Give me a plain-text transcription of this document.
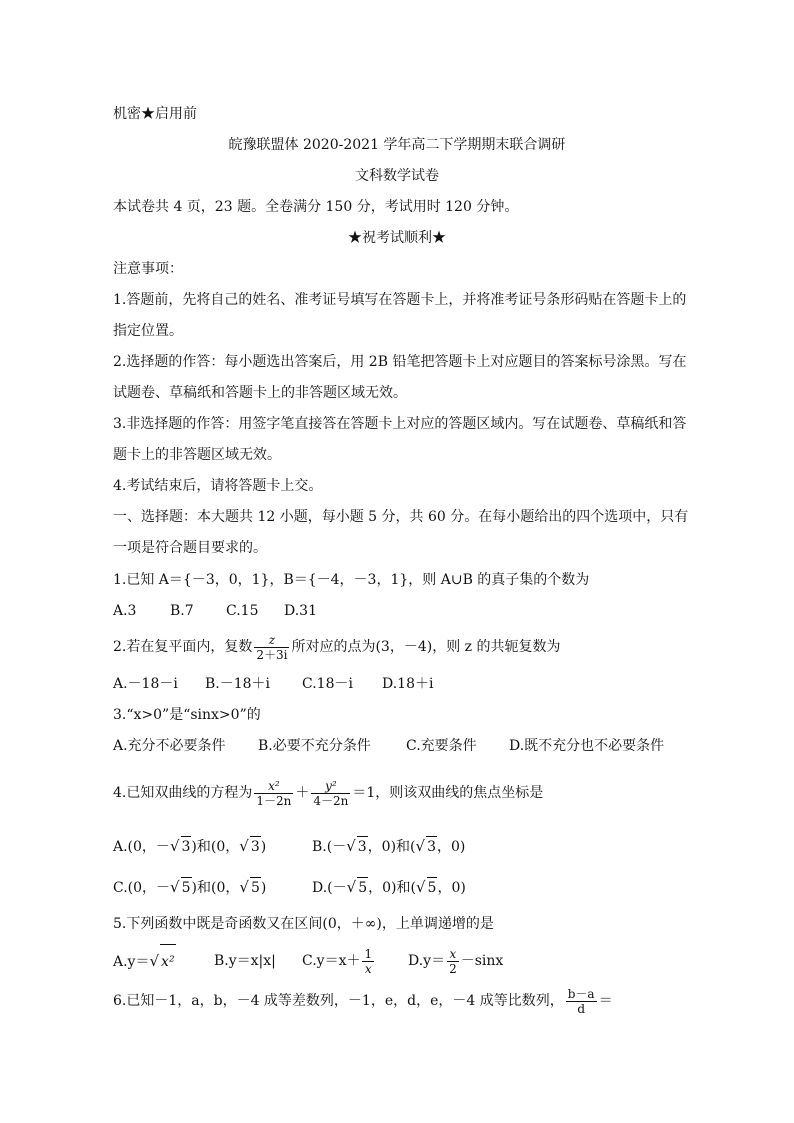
机密★启用前
皖豫联盟体 2020-2021 学年高二下学期期末联合调研
文科数学试卷
本试卷共 4 页，23 题。全卷满分 150 分，考试用时 120 分钟。
★祝考试顺利★
注意事项：
1.答题前，先将自己的姓名、准考证号填写在答题卡上，并将准考证号条形码贴在答题卡上的
指定位置。
2.选择题的作答：每小题选出答案后，用 2B 铅笔把答题卡上对应题目的答案标号涂黑。写在
试题卷、草稿纸和答题卡上的非答题区域无效。
3.非选择题的作答：用签字笔直接答在答题卡上对应的答题区域内。写在试题卷、草稿纸和答
题卡上的非答题区域无效。
4.考试结束后，请将答题卡上交。
一、选择题：本大题共 12 小题，每小题 5 分，共 60 分。在每小题给出的四个选项中，只有
一项是符合题目要求的。
1.已知 A＝{－3，0，1}，B＝{－4，－3，1}，则 A∪B 的真子集的个数为
A.3 B.7 C.15 D.31
2.若在复平面内，复数 $\frac{z}{2+3i}$ 所对应的点为(3，－4)，则 z 的共轭复数为
A.－18－i B.－18＋i C.18－i D.18＋i
3.“x>0”是“sinx>0”的
A.充分不必要条件 B.必要不充分条件	C.充要条件 D.既不充分也不必要条件
4.已知双曲线的方程为 $\frac{\text{x²}}{1-2n} + \frac{\text{y²}}{4-2n} =1$，则该双曲线的焦点坐标是
A.(0，－√ 3)和(0，√ 3)	B.(－√ 3，0)和(√ 3，0)
C.(0，－√ 5)和(0，√ 5)	D.(－√ 5，0)和(√ 5，0)
5.下列函数中既是奇函数又在区间(0，＋∞)，上单调递增的是
A.y＝√ x²	B.y＝x|x| $C.y=x+ \frac{1}{x} D.y= \frac{x}{2} -\sin x$
6.已知－1，a，b，－4 成等差数列，－1，e，d，e，－4 成等比数列， $\frac{b-a}{d}$ ＝
